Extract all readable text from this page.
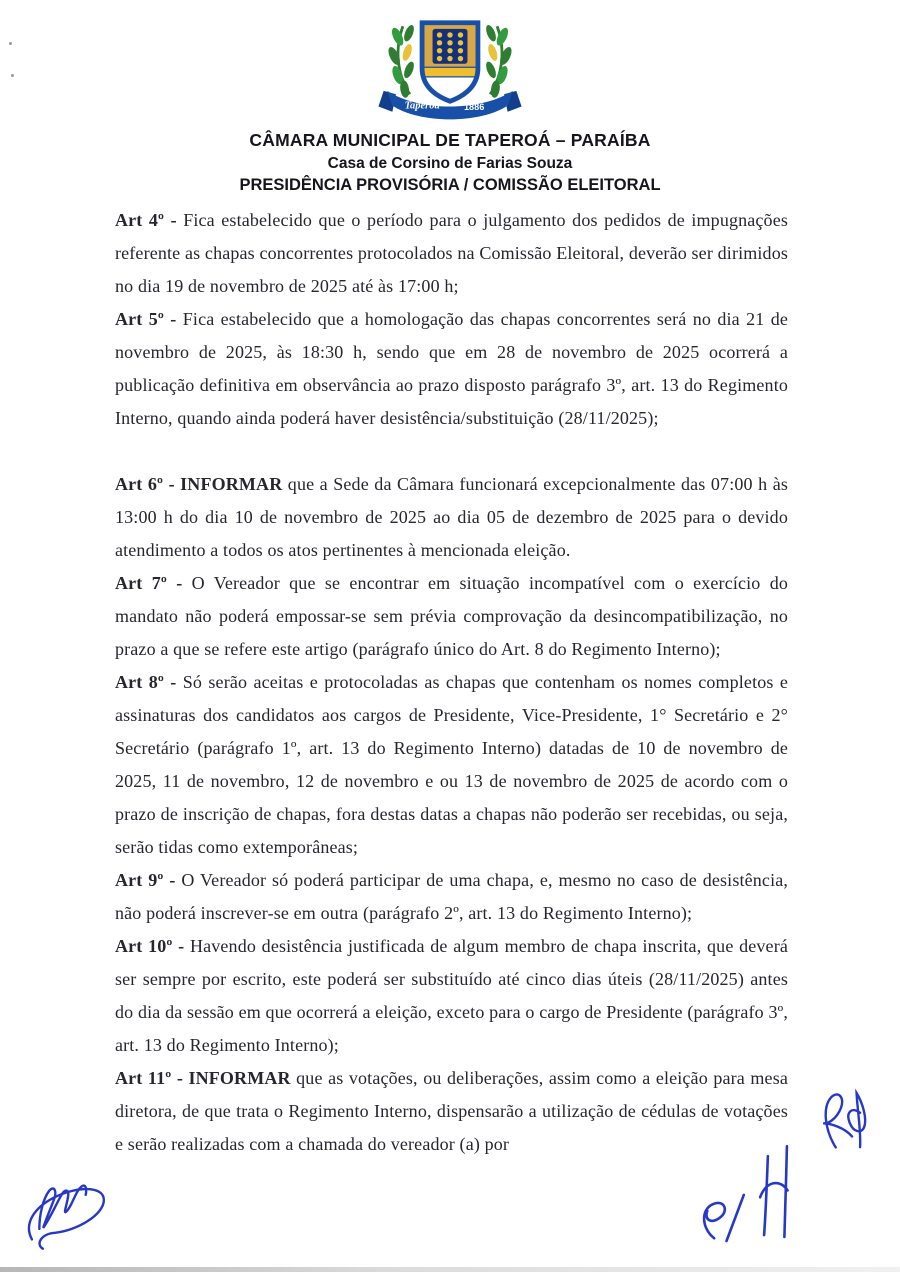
Taperoá 1886
CÂMARA MUNICIPAL DE TAPEROÁ – PARAÍBA
Casa de Corsino de Farias Souza
PRESIDÊNCIA PROVISÓRIA / COMISSÃO ELEITORAL

Art 4º - Fica estabelecido que o período para o julgamento dos pedidos de impugnações referente as chapas concorrentes protocolados na Comissão Eleitoral, deverão ser dirimidos no dia 19 de novembro de 2025 até às 17:00 h;

Art 5º - Fica estabelecido que a homologação das chapas concorrentes será no dia 21 de novembro de 2025, às 18:30 h, sendo que em 28 de novembro de 2025 ocorrerá a publicação definitiva em observância ao prazo disposto parágrafo 3º, art. 13 do Regimento Interno, quando ainda poderá haver desistência/substituição (28/11/2025);

Art 6º - INFORMAR que a Sede da Câmara funcionará excepcionalmente das 07:00 h às 13:00 h do dia 10 de novembro de 2025 ao dia 05 de dezembro de 2025 para o devido atendimento a todos os atos pertinentes à mencionada eleição.

Art 7º - O Vereador que se encontrar em situação incompatível com o exercício do mandato não poderá empossar-se sem prévia comprovação da desincompatibilização, no prazo a que se refere este artigo (parágrafo único do Art. 8 do Regimento Interno);

Art 8º - Só serão aceitas e protocoladas as chapas que contenham os nomes completos e assinaturas dos candidatos aos cargos de Presidente, Vice-Presidente, 1° Secretário e 2° Secretário (parágrafo 1º, art. 13 do Regimento Interno) datadas de 10 de novembro de 2025, 11 de novembro, 12 de novembro e ou 13 de novembro de 2025 de acordo com o prazo de inscrição de chapas, fora destas datas a chapas não poderão ser recebidas, ou seja, serão tidas como extemporâneas;

Art 9º - O Vereador só poderá participar de uma chapa, e, mesmo no caso de desistência, não poderá inscrever-se em outra (parágrafo 2º, art. 13 do Regimento Interno);

Art 10º - Havendo desistência justificada de algum membro de chapa inscrita, que deverá ser sempre por escrito, este poderá ser substituído até cinco dias úteis (28/11/2025) antes do dia da sessão em que ocorrerá a eleição, exceto para o cargo de Presidente (parágrafo 3º, art. 13 do Regimento Interno);

Art 11º - INFORMAR que as votações, ou deliberações, assim como a eleição para mesa diretora, de que trata o Regimento Interno, dispensarão a utilização de cédulas de votações e serão realizadas com a chamada do vereador (a) por
